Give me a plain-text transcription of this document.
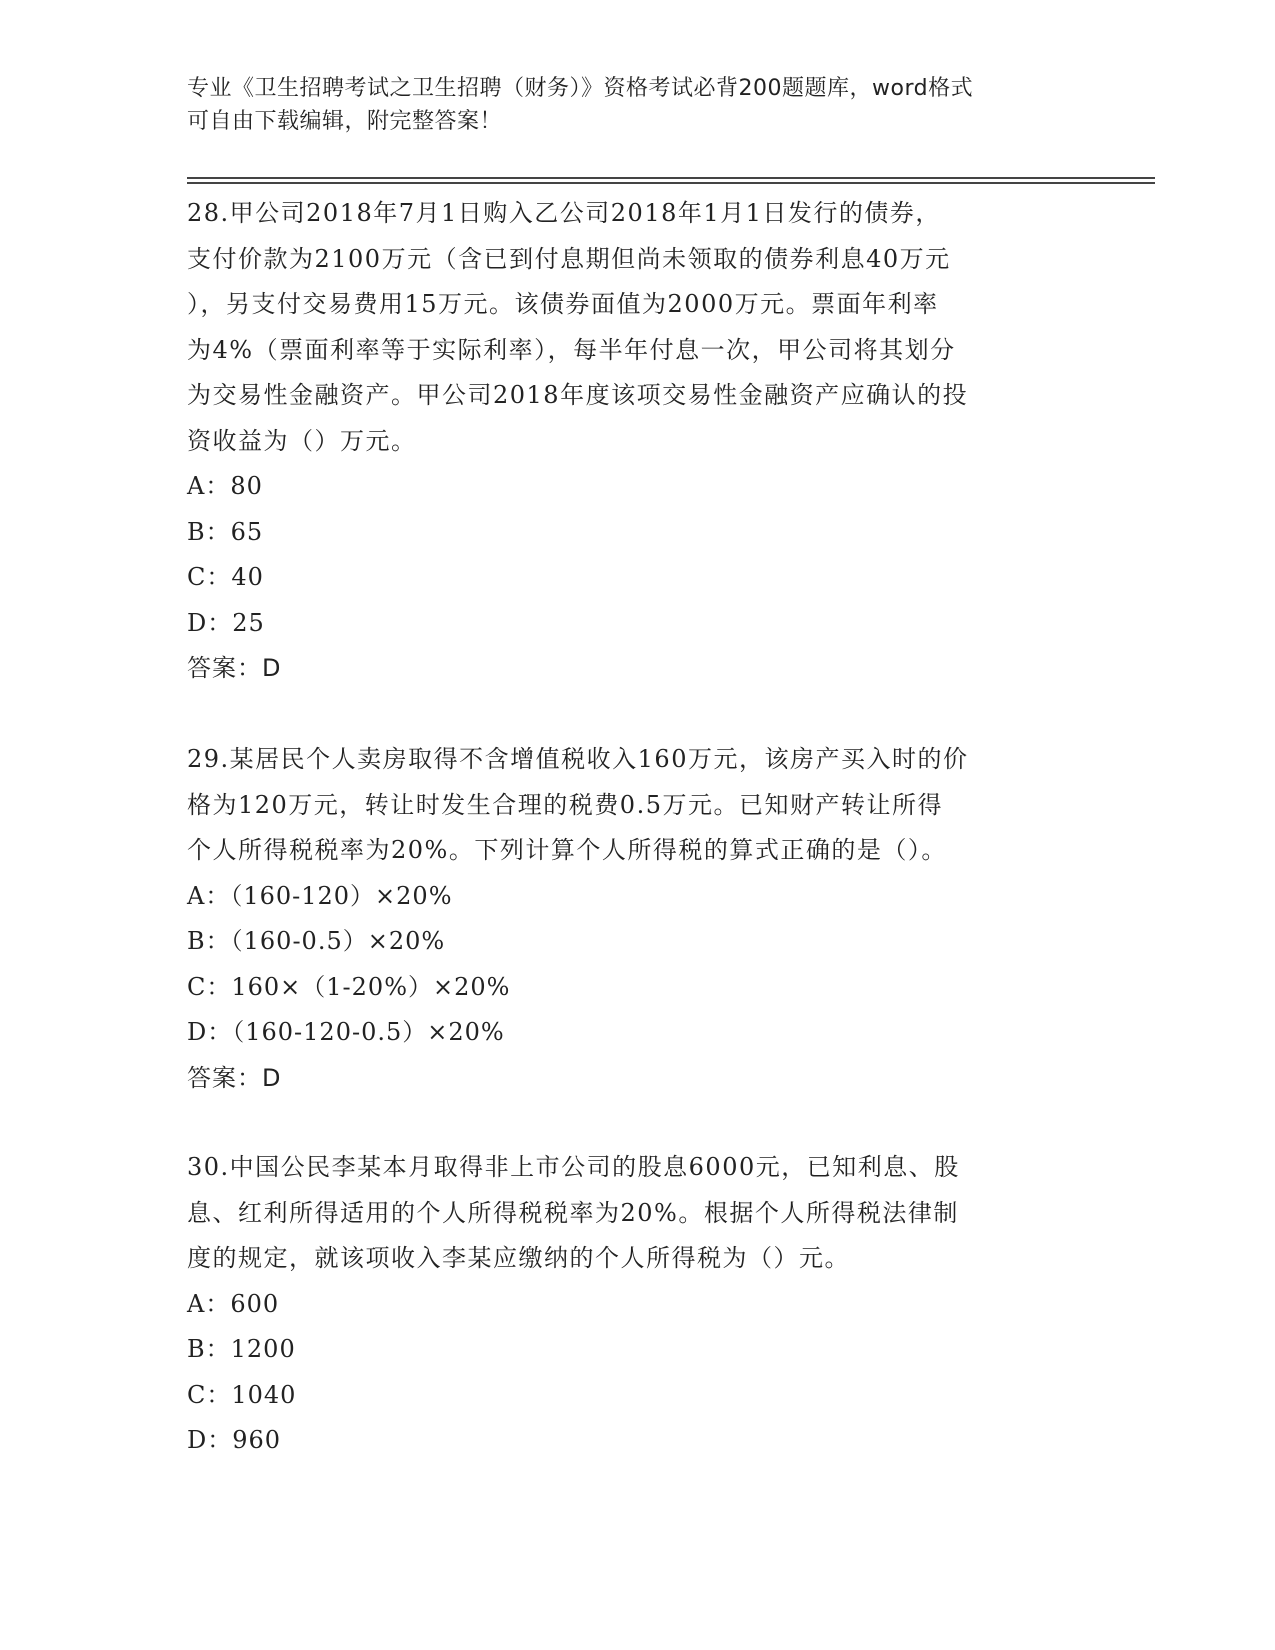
专业《卫生招聘考试之卫生招聘（财务）》资格考试必背200题题库，word格式

可自由下载编辑，附完整答案！

28.甲公司2018年7月1日购入乙公司2018年1月1日发行的债券，

支付价款为2100万元（含已到付息期但尚未领取的债券利息40万元

），另支付交易费用15万元。该债券面值为2000万元。票面年利率

为4%（票面利率等于实际利率），每半年付息一次，甲公司将其划分

为交易性金融资产。甲公司2018年度该项交易性金融资产应确认的投

资收益为（）万元。

A：80

B：65

C：40

D：25

答案：D

29.某居民个人卖房取得不含增值税收入160万元，该房产买入时的价

格为120万元，转让时发生合理的税费0.5万元。已知财产转让所得

个人所得税税率为20%。下列计算个人所得税的算式正确的是（）。

A：（160-120）×20%

B：（160-0.5）×20%

C：160×（1-20%）×20%

D：（160-120-0.5）×20%

答案：D

30.中国公民李某本月取得非上市公司的股息6000元，已知利息、股

息、红利所得适用的个人所得税税率为20%。根据个人所得税法律制

度的规定，就该项收入李某应缴纳的个人所得税为（）元。

A：600

B：1200

C：1040

D：960
